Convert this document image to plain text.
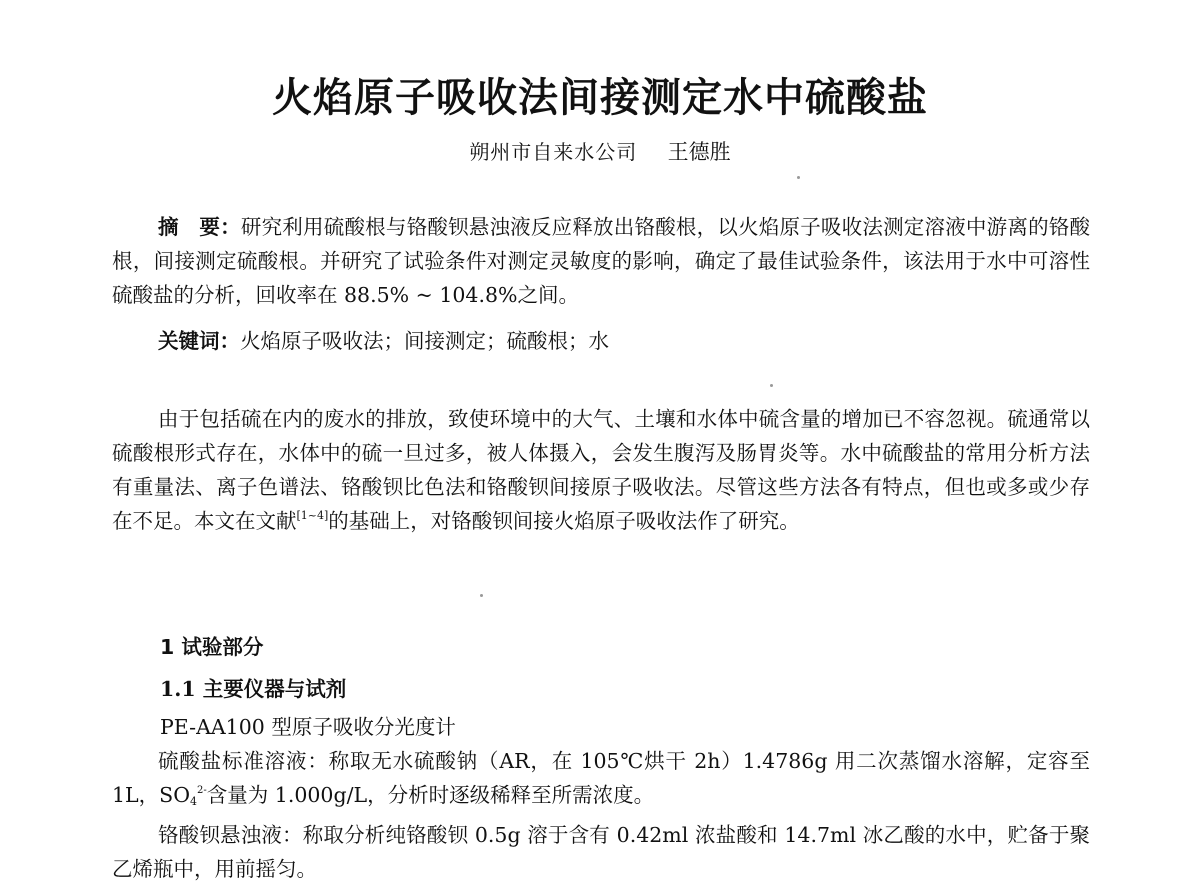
火焰原子吸收法间接测定水中硫酸盐
朔州市自来水公司 王德胜

摘　要：研究利用硫酸根与铬酸钡悬浊液反应释放出铬酸根，以火焰原子吸收法测定溶液中游离的铬酸根，间接测定硫酸根。并研究了试验条件对测定灵敏度的影响，确定了最佳试验条件，该法用于水中可溶性硫酸盐的分析，回收率在 88.5% ~ 104.8%之间。

关键词：火焰原子吸收法；间接测定；硫酸根；水

由于包括硫在内的废水的排放，致使环境中的大气、土壤和水体中硫含量的增加已不容忽视。硫通常以硫酸根形式存在，水体中的硫一旦过多，被人体摄入，会发生腹泻及肠胃炎等。水中硫酸盐的常用分析方法有重量法、离子色谱法、铬酸钡比色法和铬酸钡间接原子吸收法。尽管这些方法各有特点，但也或多或少存在不足。本文在文献[1~4]的基础上，对铬酸钡间接火焰原子吸收法作了研究。

1 试验部分
1.1 主要仪器与试剂

PE-AA100 型原子吸收分光度计

硫酸盐标准溶液：称取无水硫酸钠（AR，在 105℃烘干 2h）1.4786g 用二次蒸馏水溶解，定容至 1L，$SO_4^{2-}$含量为 1.000g/L，分析时逐级稀释至所需浓度。

铬酸钡悬浊液：称取分析纯铬酸钡 0.5g 溶于含有 0.42ml 浓盐酸和 14.7ml 冰乙酸的水中，贮备于聚乙烯瓶中，用前摇匀。
